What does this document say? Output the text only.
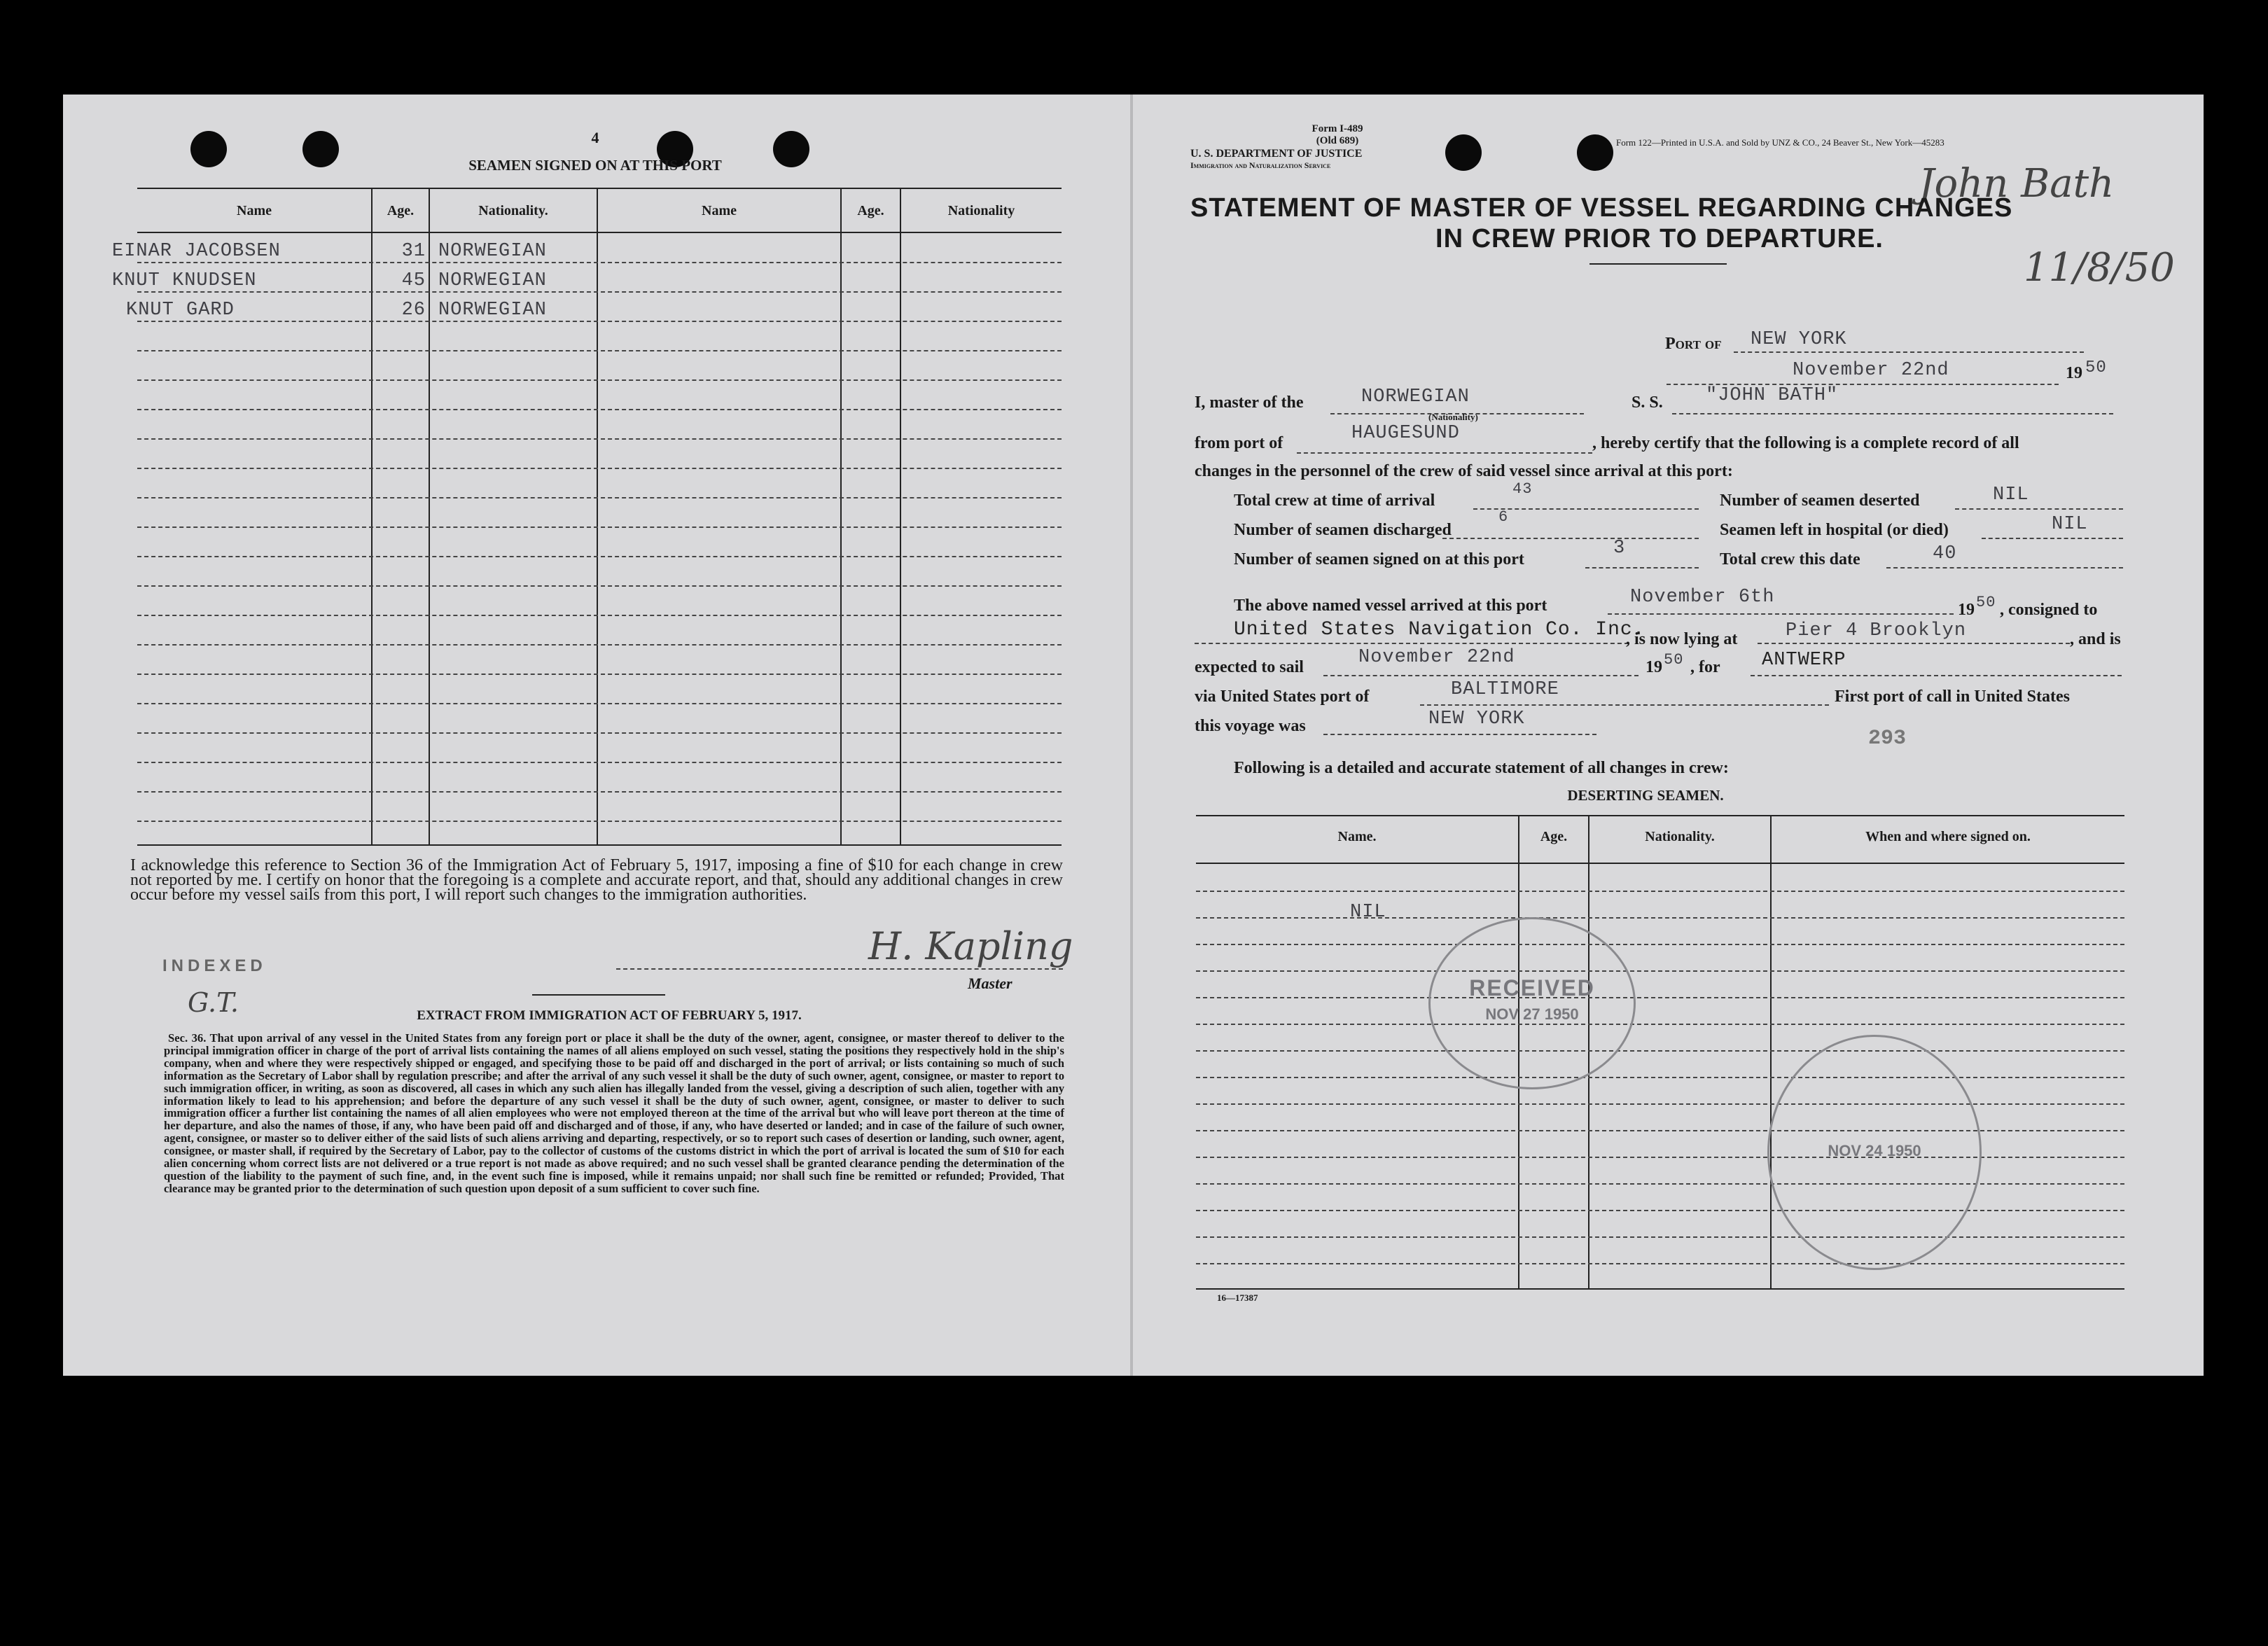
4
SEAMEN SIGNED ON AT THIS PORT
Name	Age.	Nationality.	Name	Age.	Nationality
EINAR JACOBSEN	31 NORWEGIAN
KNUT KNUDSEN	45 NORWEGIAN
KNUT GARD	26 NORWEGIAN
I acknowledge this reference to Section 36 of the Immigration Act of February 5, 1917, imposing a fine of $10 for each change in crew not reported by me. I certify on honor that the foregoing is a complete and accurate report, and that, should any additional changes in crew occur before my vessel sails from this port, I will report such changes to the immigration authorities.
H. Kapling
Master
INDEXED
G.T.	EXTRACT FROM IMMIGRATION ACT OF FEBRUARY 5, 1917.
Sec. 36. That upon arrival of any vessel in the United States from any foreign port or place it shall be the duty of the owner, agent, consignee, or master thereof to deliver to the principal immigration officer in charge of the port of arrival lists containing the names of all aliens employed on such vessel, stating the positions they respectively hold in the ship's company, when and where they were respectively shipped or engaged, and specifying those to be paid off and discharged in the port of arrival; or lists containing so much of such information as the Secretary of Labor shall by regulation prescribe; and after the arrival of any such vessel it shall be the duty of such owner, agent, consignee, or master to report to such immigration officer, in writing, as soon as discovered, all cases in which any such alien has illegally landed from the vessel, giving a description of such alien, together with any information likely to lead to his apprehension; and before the departure of any such vessel it shall be the duty of such owner, agent, consignee, or master to deliver to such immigration officer a further list containing the names of all alien employees who were not employed thereon at the time of the arrival but who will leave port thereon at the time of her departure, and also the names of those, if any, who have been paid off and discharged and of those, if any, who have deserted or landed; and in case of the failure of such owner, agent, consignee, or master so to deliver either of the said lists of such aliens arriving and departing, respectively, or so to report such cases of desertion or landing, such owner, agent, consignee, or master shall, if required by the Secretary of Labor, pay to the collector of customs of the customs district in which the port of arrival is located the sum of $10 for each alien concerning whom correct lists are not delivered or a true report is not made as above required; and no such vessel shall be granted clearance pending the determination of the question of the liability to the payment of such fine, and, in the event such fine is imposed, while it remains unpaid; nor shall such fine be remitted or refunded; Provided, That clearance may be granted prior to the determination of such question upon deposit of a sum sufficient to cover such fine.
Form I-489
(Old 689)
U. S. DEPARTMENT OF JUSTICE
Immigration and Naturalization Service
Form 122—Printed in U.S.A. and Sold by UNZ & CO., 24 Beaver St., New York—45283
John Bath
11/8/50
STATEMENT OF MASTER OF VESSEL REGARDING CHANGES
IN CREW PRIOR TO DEPARTURE.
Port of NEW YORK
November 22nd	19 50
I, master of the	NORWEGIAN
(Nationality)
S. S. "JOHN BATH"
from port of	HAUGESUND	, hereby certify that the following is a complete record of all
changes in the personnel of the crew of said vessel since arrival at this port:
Total crew at time of arrival
43
Number of seamen deserted	NIL
Number of seamen discharged
6
Seamen left in hospital (or died)	NIL
Number of seamen signed on at this port
3
Total crew this date	40
The above named vessel arrived at this port	November 6th
19 50 , consigned to
United States Navigation Co. Inc.
, is now lying at	Pier 4 Brooklyn	, and is
expected to sail	November 22nd	19 50 , for ANTWERP
via United States port of	BALTIMORE	First port of call in United States
this voyage was	NEW YORK
293
Following is a detailed and accurate statement of all changes in crew:
DESERTING SEAMEN.
Name.	Age.	Nationality.	When and where signed on.
NIL
RECEIVED
NOV 27 1950
NOV 24 1950
16—17387
